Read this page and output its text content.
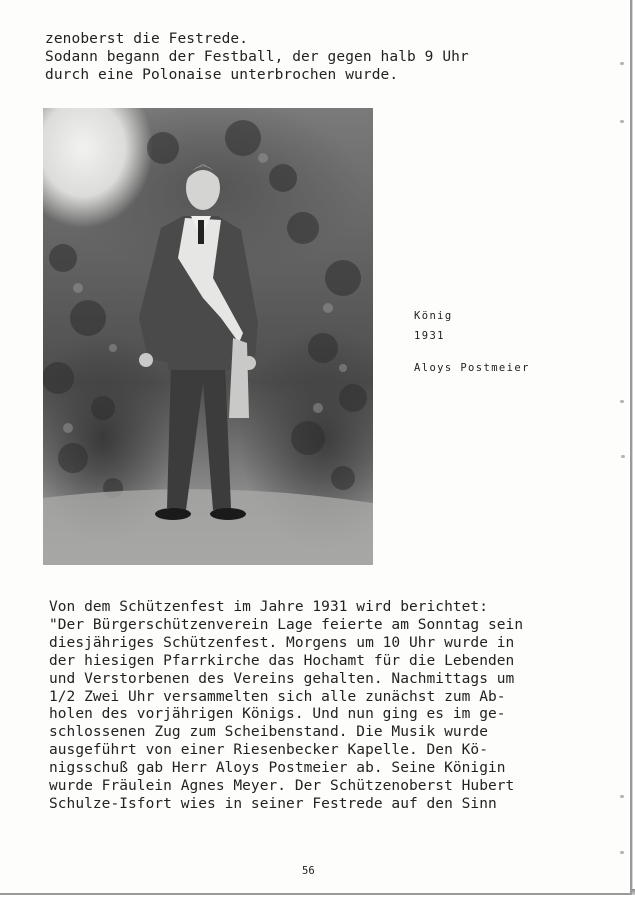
zenoberst die Festrede.
Sodann begann der Festball, der gegen halb 9 Uhr
durch eine Polonaise unterbrochen wurde.
König
1931
Aloys Postmeier
Von dem Schützenfest im Jahre 1931 wird berichtet:
"Der Bürgerschützenverein Lage feierte am Sonntag sein
diesjähriges Schützenfest. Morgens um 10 Uhr wurde in
der hiesigen Pfarrkirche das Hochamt für die Lebenden
und Verstorbenen des Vereins gehalten. Nachmittags um
1/2 Zwei Uhr versammelten sich alle zunächst zum Ab-
holen des vorjährigen Königs. Und nun ging es im ge-
schlossenen Zug zum Scheibenstand. Die Musik wurde
ausgeführt von einer Riesenbecker Kapelle. Den Kö-
nigsschuß gab Herr Aloys Postmeier ab. Seine Königin
wurde Fräulein Agnes Meyer. Der Schützenoberst Hubert
Schulze-Isfort wies in seiner Festrede auf den Sinn
56
